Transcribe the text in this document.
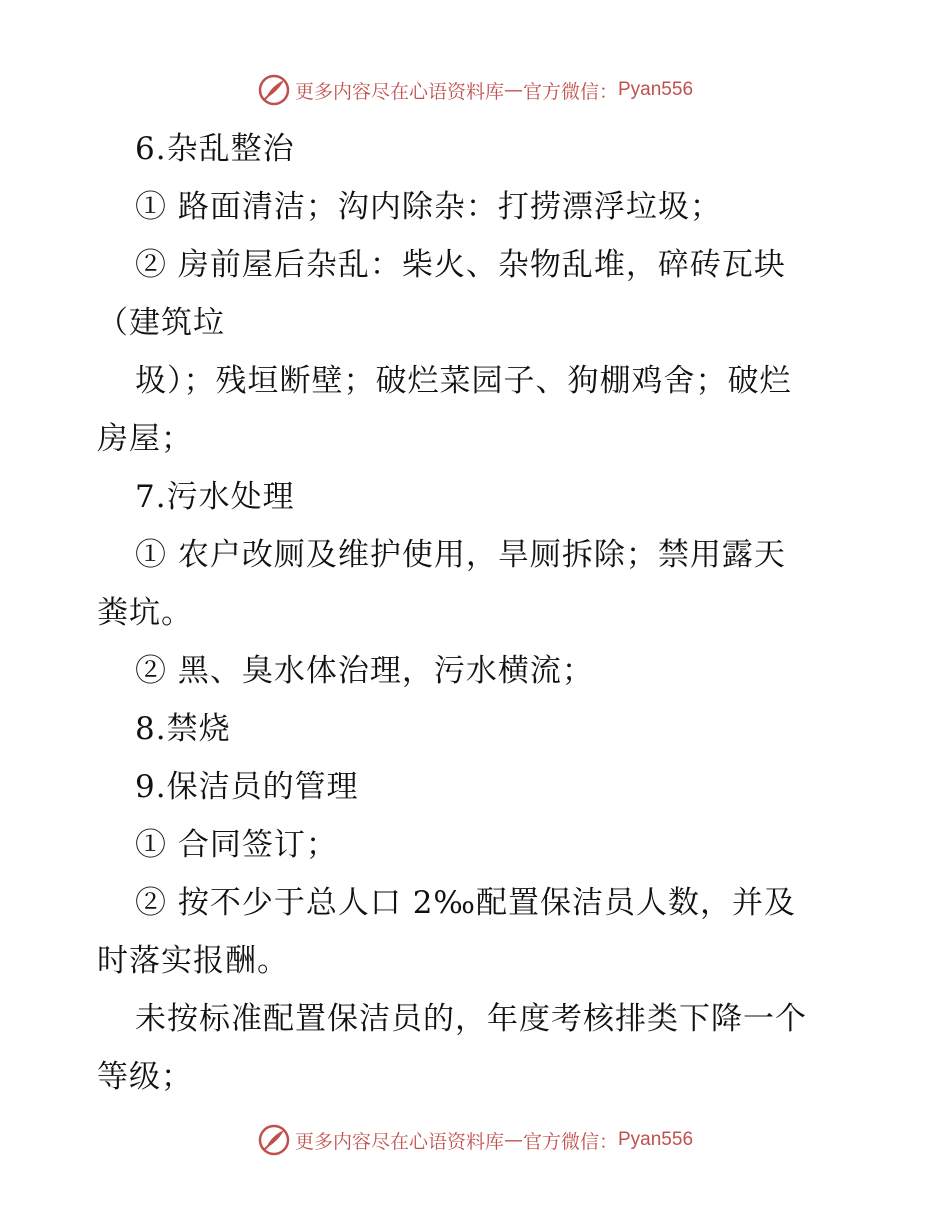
更多内容尽在心语资料库 — 官方微信： Pyan556
6.杂乱整治
① 路面清洁；沟内除杂：打捞漂浮垃圾；
② 房前屋后杂乱：柴火、杂物乱堆，碎砖瓦块
（建筑垃
圾）；残垣断壁；破烂菜园子、狗棚鸡舍；破烂
房屋；
7.污水处理
① 农户改厕及维护使用，旱厕拆除；禁用露天
粪坑。
② 黑、臭水体治理，污水横流；
8.禁烧
9.保洁员的管理
① 合同签订；
② 按不少于总人口 2‰配置保洁员人数，并及
时落实报酬。
未按标准配置保洁员的，年度考核排类下降一个
等级；
更多内容尽在心语资料库 — 官方微信： Pyan556
